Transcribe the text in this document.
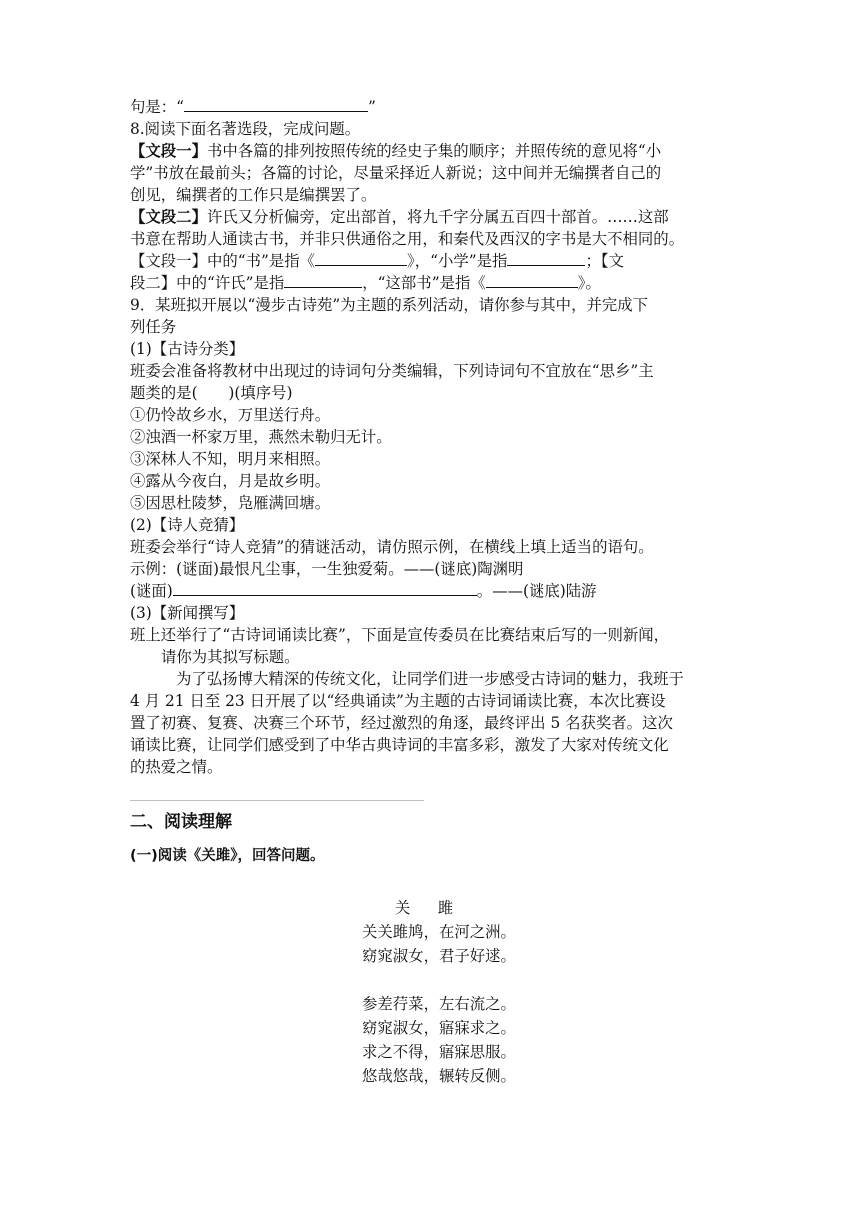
句是：“	”
8.阅读下面名著选段，完成问题。
【文段一】书中各篇的排列按照传统的经史子集的顺序；并照传统的意见将“小
学”书放在最前头；各篇的讨论，尽量采择近人新说；这中间并无编撰者自己的
创见，编撰者的工作只是编撰罢了。
【文段二】许氏又分析偏旁，定出部首，将九千字分属五百四十部首。……这部
书意在帮助人通读古书，并非只供通俗之用，和秦代及西汉的字书是大不相同的。
【文段一】中的“书”是指《	》，“小学”是指	；【文
段二】中的“许氏”是指	，“这部书”是指《	》。
9．某班拟开展以“漫步古诗苑”为主题的系列活动，请你参与其中，并完成下
列任务
(1)【古诗分类】
班委会准备将教材中出现过的诗词句分类编辑，下列诗词句不宜放在“思乡”主
题类的是(　　)(填序号)
①仍怜故乡水，万里送行舟。
②浊酒一杯家万里，燕然未勒归无计。
③深林人不知，明月来相照。
④露从今夜白，月是故乡明。
⑤因思杜陵梦，凫雁满回塘。
(2)【诗人竞猜】
班委会举行“诗人竞猜”的猜谜活动，请仿照示例，在横线上填上适当的语句。
示例：(谜面)最恨凡尘事，一生独爱菊。——(谜底)陶渊明
(谜面)	。——(谜底)陆游
(3)【新闻撰写】
班上还举行了“古诗词诵读比赛”，下面是宣传委员在比赛结束后写的一则新闻，
请你为其拟写标题。
为了弘扬博大精深的传统文化，让同学们进一步感受古诗词的魅力，我班于
4 月 21 日至 23 日开展了以“经典诵读”为主题的古诗词诵读比赛，本次比赛设
置了初赛、复赛、决赛三个环节，经过激烈的角逐，最终评出 5 名获奖者。这次
诵读比赛，让同学们感受到了中华古典诗词的丰富多彩，激发了大家对传统文化
的热爱之情。
二、阅读理解
(一)阅读《关雎》，回答问题。
关　雎
关关雎鸠，在河之洲。
窈窕淑女，君子好逑。
参差荇菜，左右流之。
窈窕淑女，寤寐求之。
求之不得，寤寐思服。
悠哉悠哉，辗转反侧。
